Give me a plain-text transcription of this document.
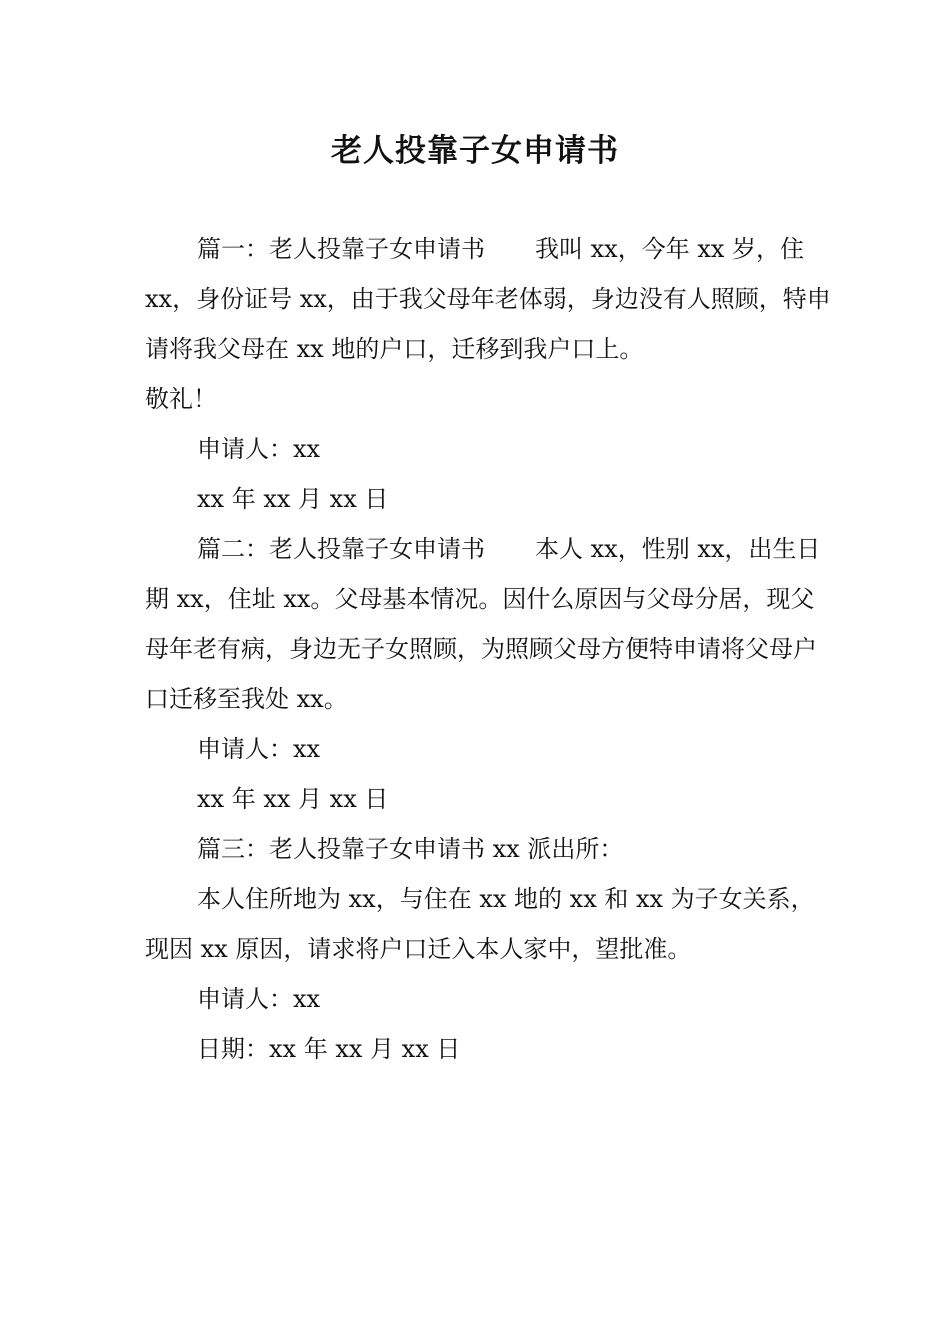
老人投靠子女申请书

篇一：老人投靠子女申请书 我叫 xx，今年 xx 岁，住 xx，身份证号 xx，由于我父母年老体弱，身边没有人照顾，特申请将我父母在 xx 地的户口，迁移到我户口上。

敬礼！

申请人：xx

xx 年 xx 月 xx 日

篇二：老人投靠子女申请书 本人 xx，性别 xx，出生日期 xx，住址 xx。父母基本情况。因什么原因与父母分居，现父母年老有病，身边无子女照顾，为照顾父母方便特申请将父母户口迁移至我处 xx。

申请人：xx

xx 年 xx 月 xx 日

篇三：老人投靠子女申请书 xx 派出所：

本人住所地为 xx，与住在 xx 地的 xx 和 xx 为子女关系，现因 xx 原因，请求将户口迁入本人家中，望批准。

申请人：xx

日期：xx 年 xx 月 xx 日
